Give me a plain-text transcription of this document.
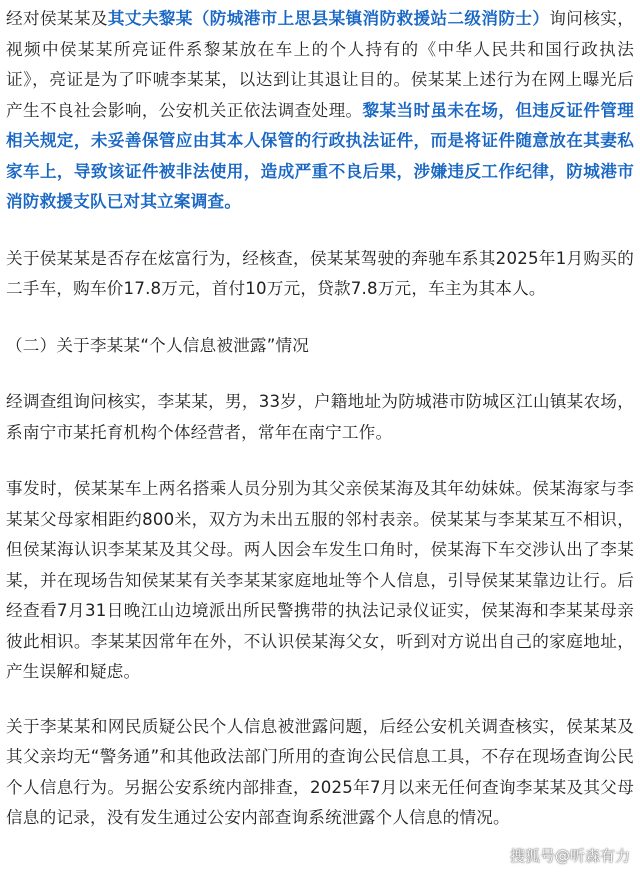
经对侯某某及其丈夫黎某（防城港市上思县某镇消防救援站二级消防士）询问核实，视频中侯某某所亮证件系黎某放在车上的个人持有的《中华人民共和国行政执法证》，亮证是为了吓唬李某某，以达到让其退让目的。侯某某上述行为在网上曝光后产生不良社会影响，公安机关正依法调查处理。黎某当时虽未在场，但违反证件管理相关规定，未妥善保管应由其本人保管的行政执法证件，而是将证件随意放在其妻私家车上，导致该证件被非法使用，造成严重不良后果，涉嫌违反工作纪律，防城港市消防救援支队已对其立案调查。

关于侯某某是否存在炫富行为，经核查，侯某某驾驶的奔驰车系其2025年1月购买的二手车，购车价17.8万元，首付10万元，贷款7.8万元，车主为其本人。

（二）关于李某某“个人信息被泄露”情况

经调查组询问核实，李某某，男，33岁，户籍地址为防城港市防城区江山镇某农场，系南宁市某托育机构个体经营者，常年在南宁工作。

事发时，侯某某车上两名搭乘人员分别为其父亲侯某海及其年幼妹妹。侯某海家与李某某父母家相距约800米，双方为未出五服的邻村表亲。侯某某与李某某互不相识，但侯某海认识李某某及其父母。两人因会车发生口角时，侯某海下车交涉认出了李某某，并在现场告知侯某某有关李某某家庭地址等个人信息，引导侯某某靠边让行。后经查看7月31日晚江山边境派出所民警携带的执法记录仪证实，侯某海和李某某母亲彼此相识。李某某因常年在外，不认识侯某海父女，听到对方说出自己的家庭地址，产生误解和疑虑。

关于李某某和网民质疑公民个人信息被泄露问题，后经公安机关调查核实，侯某某及其父亲均无“警务通”和其他政法部门所用的查询公民信息工具，不存在现场查询公民个人信息行为。另据公安系统内部排查，2025年7月以来无任何查询李某某及其父母信息的记录，没有发生通过公安内部查询系统泄露个人信息的情况。

搜狐号@听森有力
